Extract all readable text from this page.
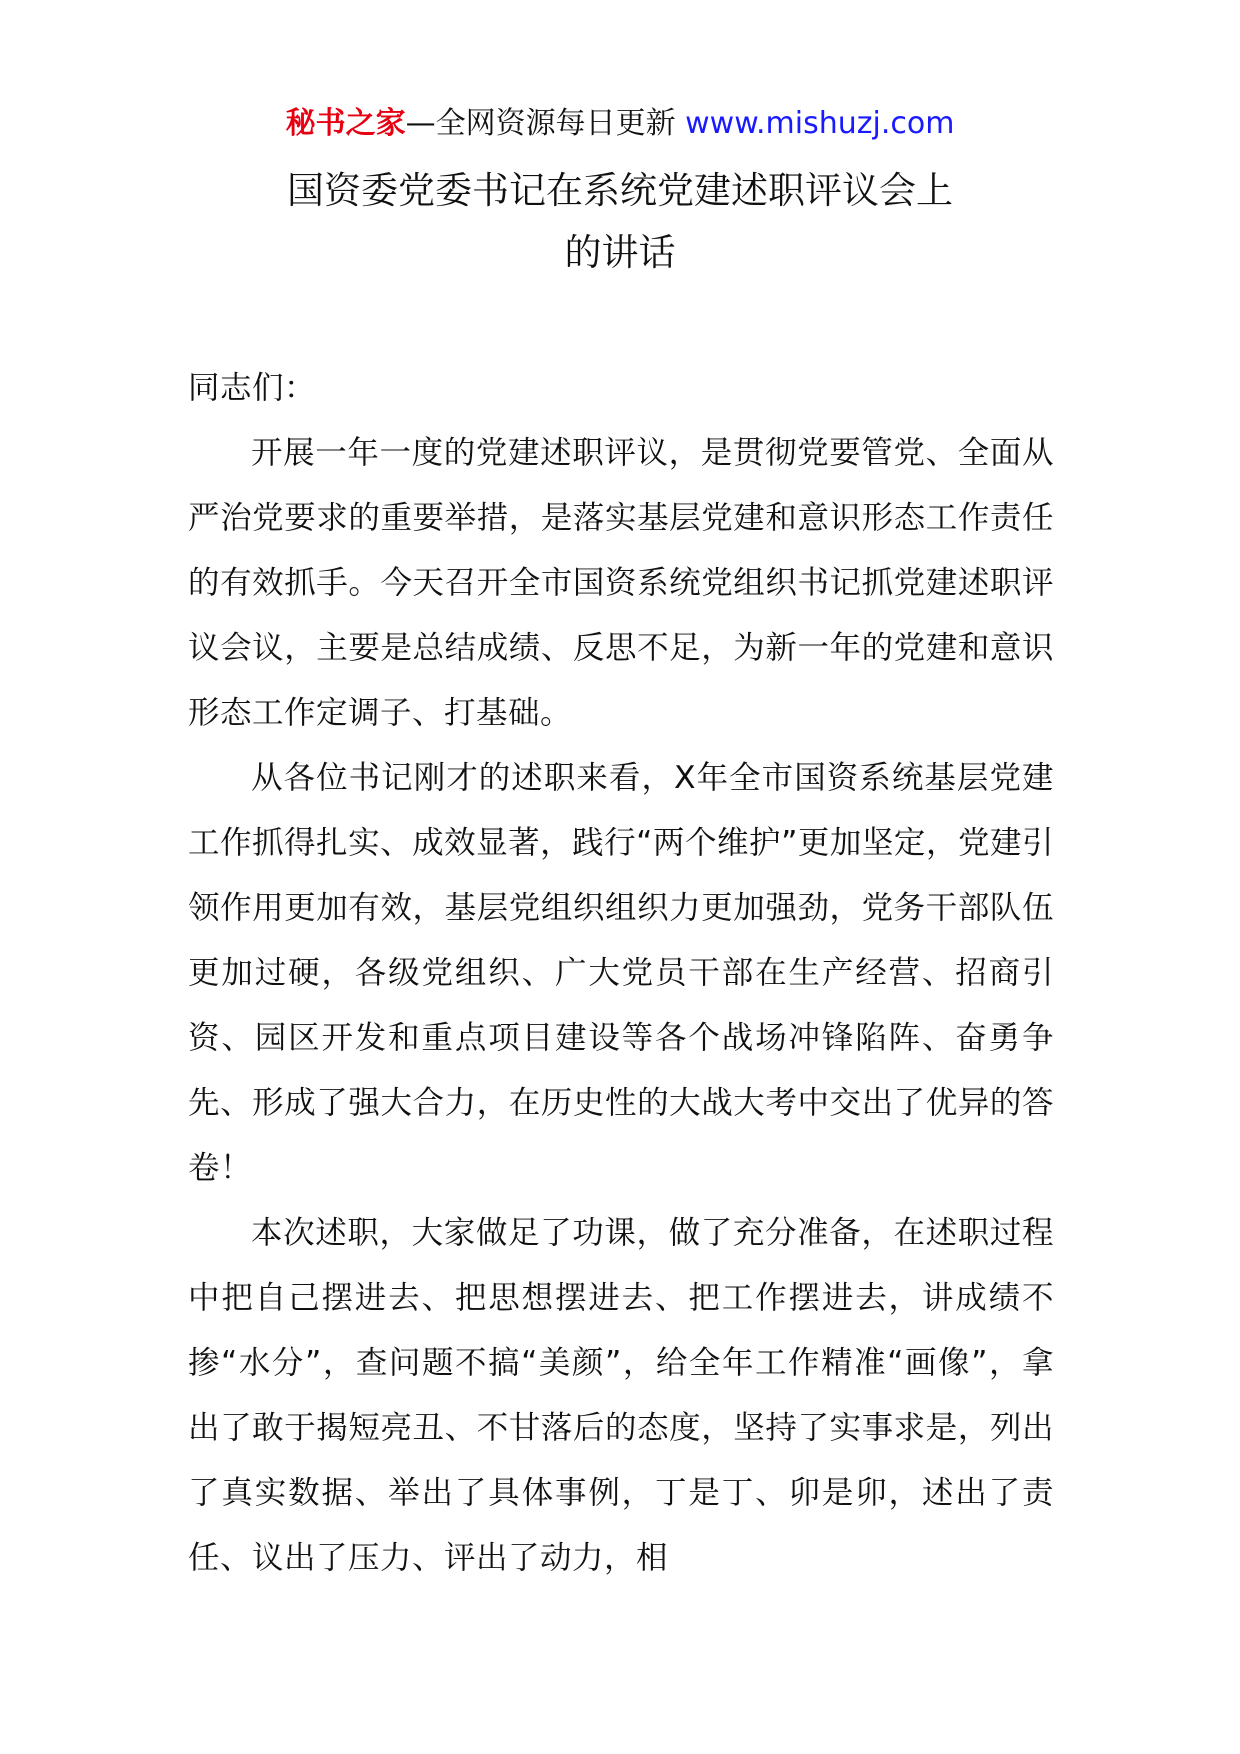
秘书之家—全网资源每日更新 www.mishuzj.com
国资委党委书记在系统党建述职评议会上
的讲话

同志们：

开展一年一度的党建述职评议，是贯彻党要管党、全面从严治党要求的重要举措，是落实基层党建和意识形态工作责任的有效抓手。今天召开全市国资系统党组织书记抓党建述职评议会议，主要是总结成绩、反思不足，为新一年的党建和意识形态工作定调子、打基础。

从各位书记刚才的述职来看，X年全市国资系统基层党建工作抓得扎实、成效显著，践行“两个维护”更加坚定，党建引领作用更加有效，基层党组织组织力更加强劲，党务干部队伍更加过硬，各级党组织、广大党员干部在生产经营、招商引资、园区开发和重点项目建设等各个战场冲锋陷阵、奋勇争先、形成了强大合力，在历史性的大战大考中交出了优异的答卷！

本次述职，大家做足了功课，做了充分准备，在述职过程中把自己摆进去、把思想摆进去、把工作摆进去，讲成绩不掺“水分”，查问题不搞“美颜”，给全年工作精准“画像”，拿出了敢于揭短亮丑、不甘落后的态度，坚持了实事求是，列出了真实数据、举出了具体事例，丁是丁、卯是卯，述出了责任、议出了压力、评出了动力，相
